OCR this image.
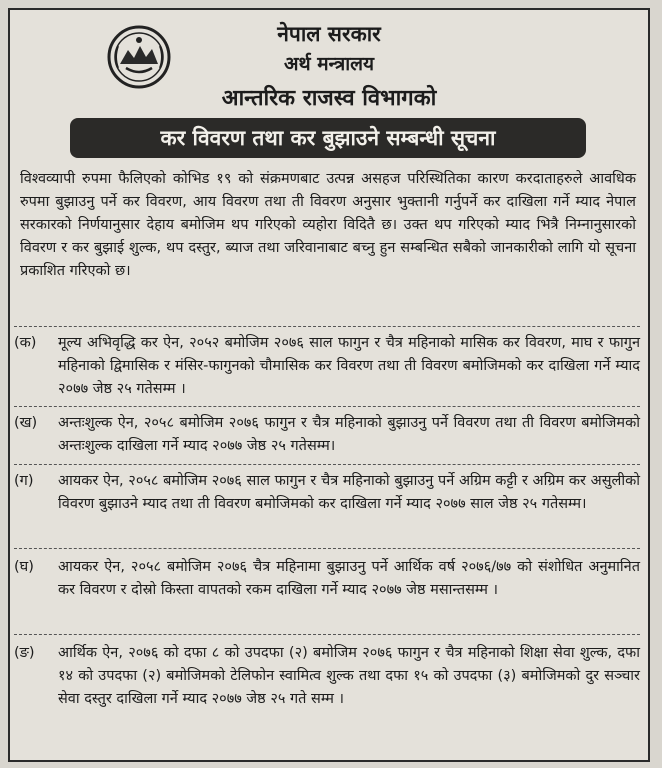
नेपाल सरकार
अर्थ मन्त्रालय
आन्तरिक राजस्व विभागको
कर विवरण तथा कर बुझाउने सम्बन्धी सूचना
विश्वव्यापी रुपमा फैलिएको कोभिड १९ को संक्रमणबाट उत्पन्न असहज परिस्थितिका कारण करदाताहरुले आवधिक रुपमा बुझाउनु पर्ने कर विवरण, आय विवरण तथा ती विवरण अनुसार भुक्तानी गर्नुपर्ने कर दाखिला गर्ने म्याद नेपाल सरकारको निर्णयानुसार देहाय बमोजिम थप गरिएको व्यहोरा विदितै छ। उक्त थप गरिएको म्याद भित्रै निम्नानुसारको विवरण र कर बुझाई शुल्क, थप दस्तुर, ब्याज तथा जरिवानाबाट बच्नु हुन सम्बन्धित सबैको जानकारीको लागि यो सूचना प्रकाशित गरिएको छ।
(क)	मूल्य अभिवृद्धि कर ऐन, २०५२ बमोजिम २०७६ साल फागुन र चैत्र महिनाको मासिक कर विवरण, माघ र फागुन महिनाको द्विमासिक र मंसिर-फागुनको चौमासिक कर विवरण तथा ती विवरण बमोजिमको कर दाखिला गर्ने म्याद २०७७ जेष्ठ २५ गतेसम्म ।
(ख)	अन्तःशुल्क ऐन, २०५८ बमोजिम २०७६ फागुन र चैत्र महिनाको बुझाउनु पर्ने विवरण तथा ती विवरण बमोजिमको अन्तःशुल्क दाखिला गर्ने म्याद २०७७ जेष्ठ २५ गतेसम्म।
(ग)	आयकर ऐन, २०५८ बमोजिम २०७६ साल फागुन र चैत्र महिनाको बुझाउनु पर्ने अग्रिम कट्टी र अग्रिम कर असुलीको विवरण बुझाउने म्याद तथा ती विवरण बमोजिमको कर दाखिला गर्ने म्याद २०७७ साल जेष्ठ २५ गतेसम्म।
(घ)	आयकर ऐन, २०५८ बमोजिम २०७६ चैत्र महिनामा बुझाउनु पर्ने आर्थिक वर्ष २०७६/७७ को संशोधित अनुमानित कर विवरण र दोस्रो किस्ता वापतको रकम दाखिला गर्ने म्याद २०७७ जेष्ठ मसान्तसम्म ।
(ङ)	आर्थिक ऐन, २०७६ को दफा ८ को उपदफा (२) बमोजिम २०७६ फागुन र चैत्र महिनाको शिक्षा सेवा शुल्क, दफा १४ को उपदफा (२) बमोजिमको टेलिफोन स्वामित्व शुल्क तथा दफा १५ को उपदफा (३) बमोजिमको दुर सञ्चार सेवा दस्तुर दाखिला गर्ने म्याद २०७७ जेष्ठ २५ गते सम्म ।
